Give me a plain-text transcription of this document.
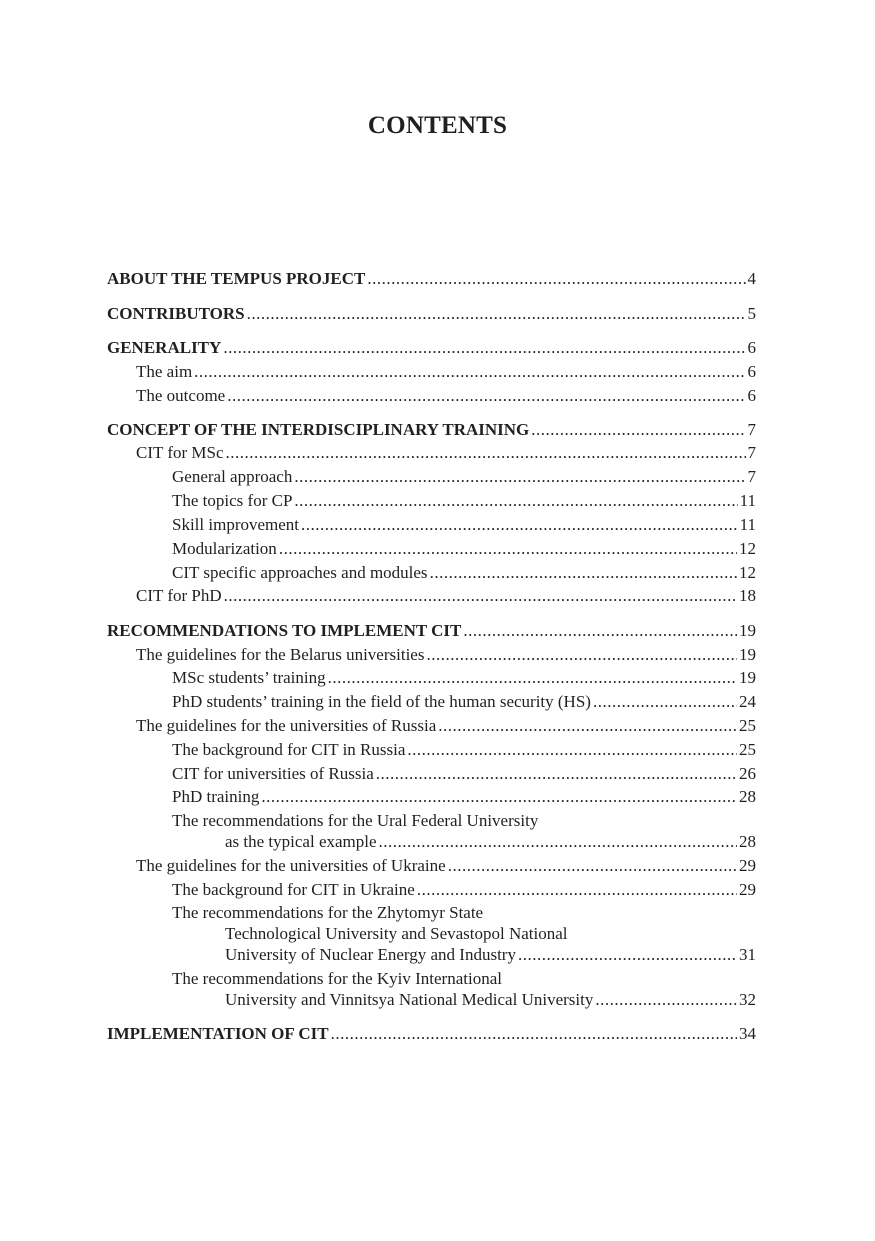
CONTENTS
ABOUT THE TEMPUS PROJECT .....	4
CONTRIBUTORS .....	5
GENERALITY .....	6
The aim .....	6
The outcome .....	6
CONCEPT OF THE INTERDISCIPLINARY TRAINING .....	7
CIT for MSc .....	7
General approach .....	7
The topics for CP .....	11
Skill improvement .....	11
Modularization .....	12
CIT specific approaches and modules .....	12
CIT for PhD .....	18
RECOMMENDATIONS TO IMPLEMENT CIT .....	19
The guidelines for the Belarus universities .....	19
MSc students’ training .....	19
PhD students’ training in the field of the human security (HS) .....	24
The guidelines for the universities of Russia .....	25
The background for CIT in Russia .....	25
CIT for universities of Russia .....	26
PhD training .....	28
The recommendations for the Ural Federal University
as the typical example .....	28
The guidelines for the universities of Ukraine .....	29
The background for CIT in Ukraine .....	29
The recommendations for the Zhytomyr State
Technological University and Sevastopol National
University of Nuclear Energy and Industry .....	31
The recommendations for the Kyiv International
University and Vinnitsya National Medical University .....	32
IMPLEMENTATION OF CIT .....	34
